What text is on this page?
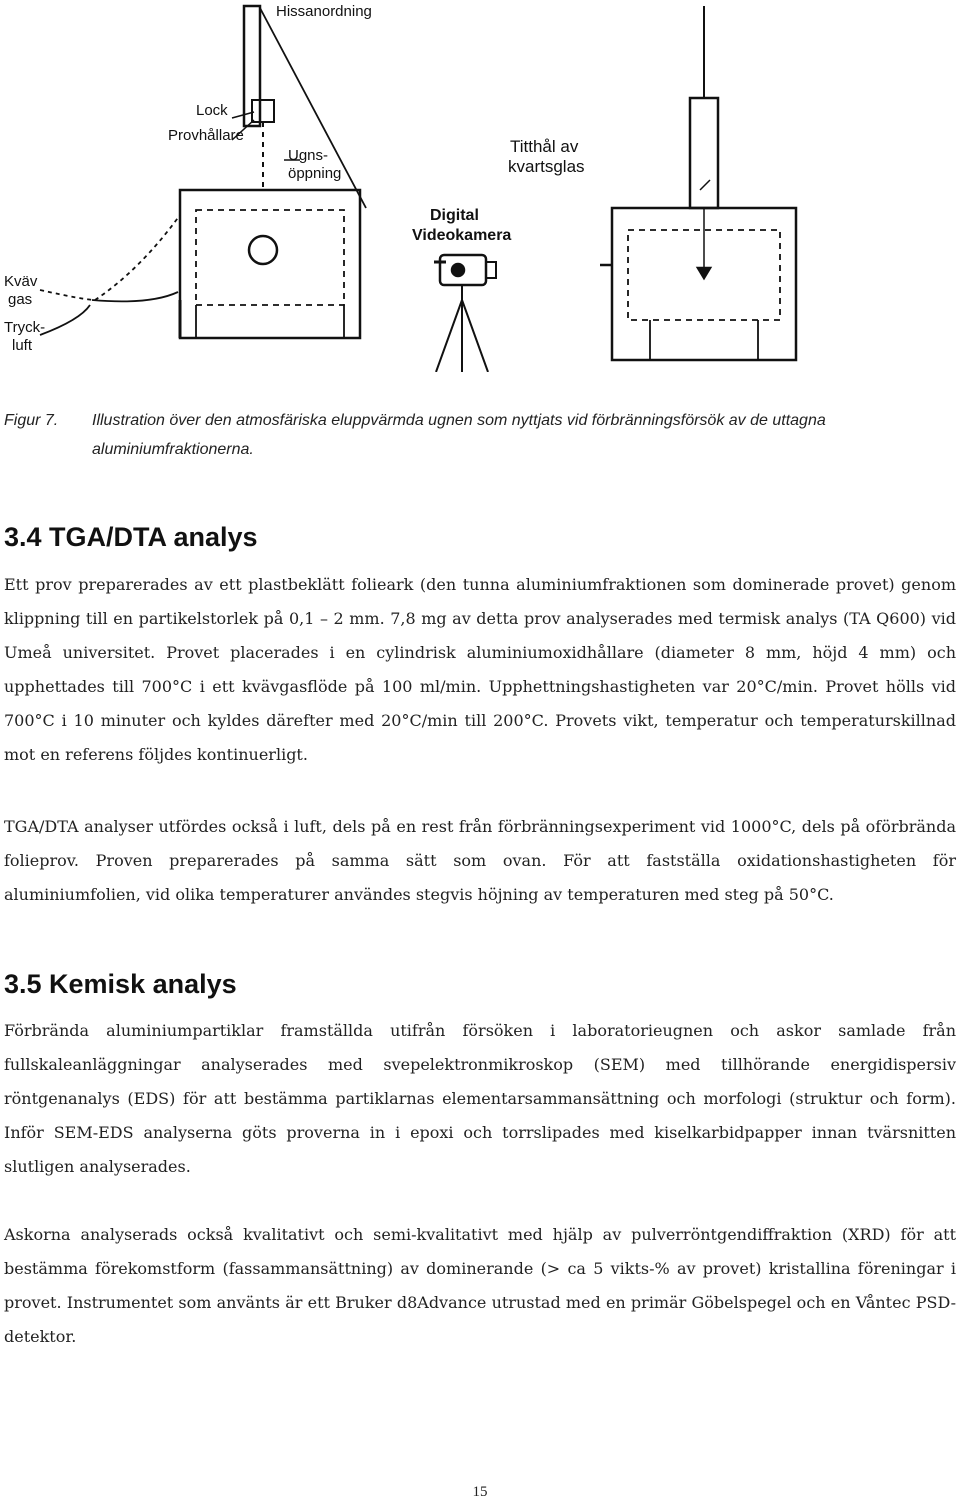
Hissanordning
Lock
Provhållare
Ugns-
öppning
Kväv
gas
Tryck-
luft
Digital
Videokamera
Titthål av
kvartsglas
Figur 7. Illustration över den atmosfäriska eluppvärmda ugnen som nyttjats vid förbränningsförsök av de uttagna aluminiumfraktionerna.
3.4 TGA/DTA analys
Ett prov preparerades av ett plastbeklätt folieark (den tunna aluminiumfraktionen som dominerade provet) genom klippning till en partikelstorlek på 0,1 – 2 mm. 7,8 mg av detta prov analyserades med termisk analys (TA Q600) vid Umeå universitet. Provet placerades i en cylindrisk aluminiumoxidhållare (diameter 8 mm, höjd 4 mm) och upphettades till 700°C i ett kvävgasflöde på 100 ml/min. Upphettningshastigheten var 20°C/min. Provet hölls vid 700°C i 10 minuter och kyldes därefter med 20°C/min till 200°C. Provets vikt, temperatur och temperaturskillnad mot en referens följdes kontinuerligt.
TGA/DTA analyser utfördes också i luft, dels på en rest från förbränningsexperiment vid 1000°C, dels på oförbrända folieprov. Proven preparerades på samma sätt som ovan. För att fastställa oxidationshastigheten för aluminiumfolien, vid olika temperaturer användes stegvis höjning av temperaturen med steg på 50°C.
3.5 Kemisk analys
Förbrända aluminiumpartiklar framställda utifrån försöken i laboratorieugnen och askor samlade från fullskaleanläggningar analyserades med svepelektronmikroskop (SEM) med tillhörande energidispersiv röntgenanalys (EDS) för att bestämma partiklarnas elementarsammansättning och morfologi (struktur och form). Inför SEM-EDS analyserna göts proverna in i epoxi och torrslipades med kiselkarbidpapper innan tvärsnitten slutligen analyserades.
Askorna analyserads också kvalitativt och semi-kvalitativt med hjälp av pulverröntgendiffraktion (XRD) för att bestämma förekomstform (fassammansättning) av dominerande (> ca 5 vikts-% av provet) kristallina föreningar i provet. Instrumentet som använts är ett Bruker d8Advance utrustad med en primär Göbelspegel och en Våntec PSD-detektor.
15
